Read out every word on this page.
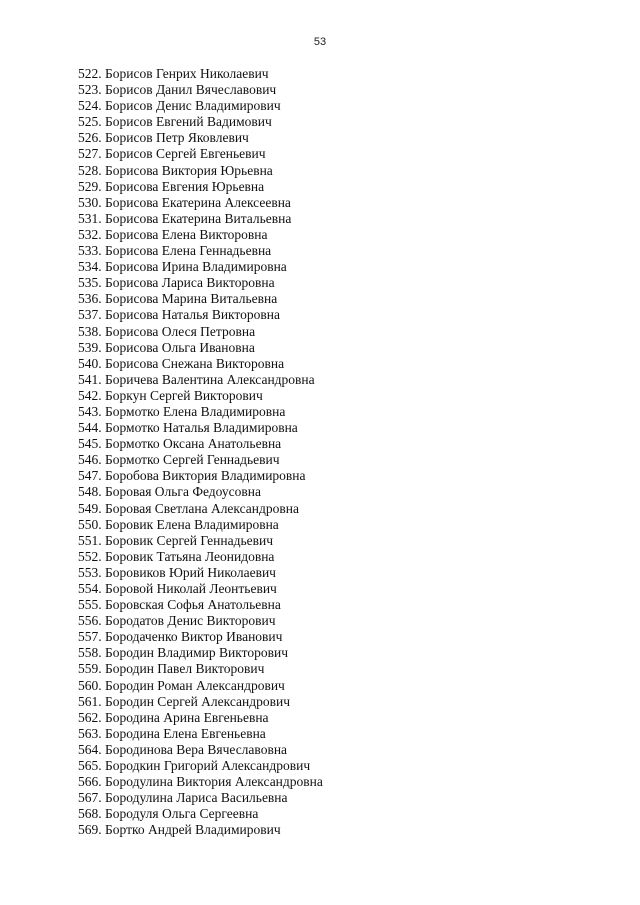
53
522. Борисов Генрих Николаевич
523. Борисов Данил Вячеславович
524. Борисов Денис Владимирович
525. Борисов Евгений Вадимович
526. Борисов Петр Яковлевич
527. Борисов Сергей Евгеньевич
528. Борисова Виктория Юрьевна
529. Борисова Евгения Юрьевна
530. Борисова Екатерина Алексеевна
531. Борисова Екатерина Витальевна
532. Борисова Елена Викторовна
533. Борисова Елена Геннадьевна
534. Борисова Ирина Владимировна
535. Борисова Лариса Викторовна
536. Борисова Марина Витальевна
537. Борисова Наталья Викторовна
538. Борисова Олеся Петровна
539. Борисова Ольга Ивановна
540. Борисова Снежана Викторовна
541. Боричева Валентина Александровна
542. Боркун Сергей Викторович
543. Бормотко Елена Владимировна
544. Бормотко Наталья Владимировна
545. Бормотко Оксана Анатольевна
546. Бормотко Сергей Геннадьевич
547. Боробова Виктория Владимировна
548. Боровая Ольга Федоусовна
549. Боровая Светлана Александровна
550. Боровик Елена Владимировна
551. Боровик Сергей Геннадьевич
552. Боровик Татьяна Леонидовна
553. Боровиков Юрий Николаевич
554. Боровой Николай Леонтьевич
555. Боровская Софья Анатольевна
556. Бородатов Денис Викторович
557. Бородаченко Виктор Иванович
558. Бородин Владимир Викторович
559. Бородин Павел Викторович
560. Бородин Роман Александрович
561. Бородин Сергей Александрович
562. Бородина Арина Евгеньевна
563. Бородина Елена Евгеньевна
564. Бородинова Вера Вячеславовна
565. Бородкин Григорий Александрович
566. Бородулина Виктория Александровна
567. Бородулина Лариса Васильевна
568. Бородуля Ольга Сергеевна
569. Бортко Андрей Владимирович
